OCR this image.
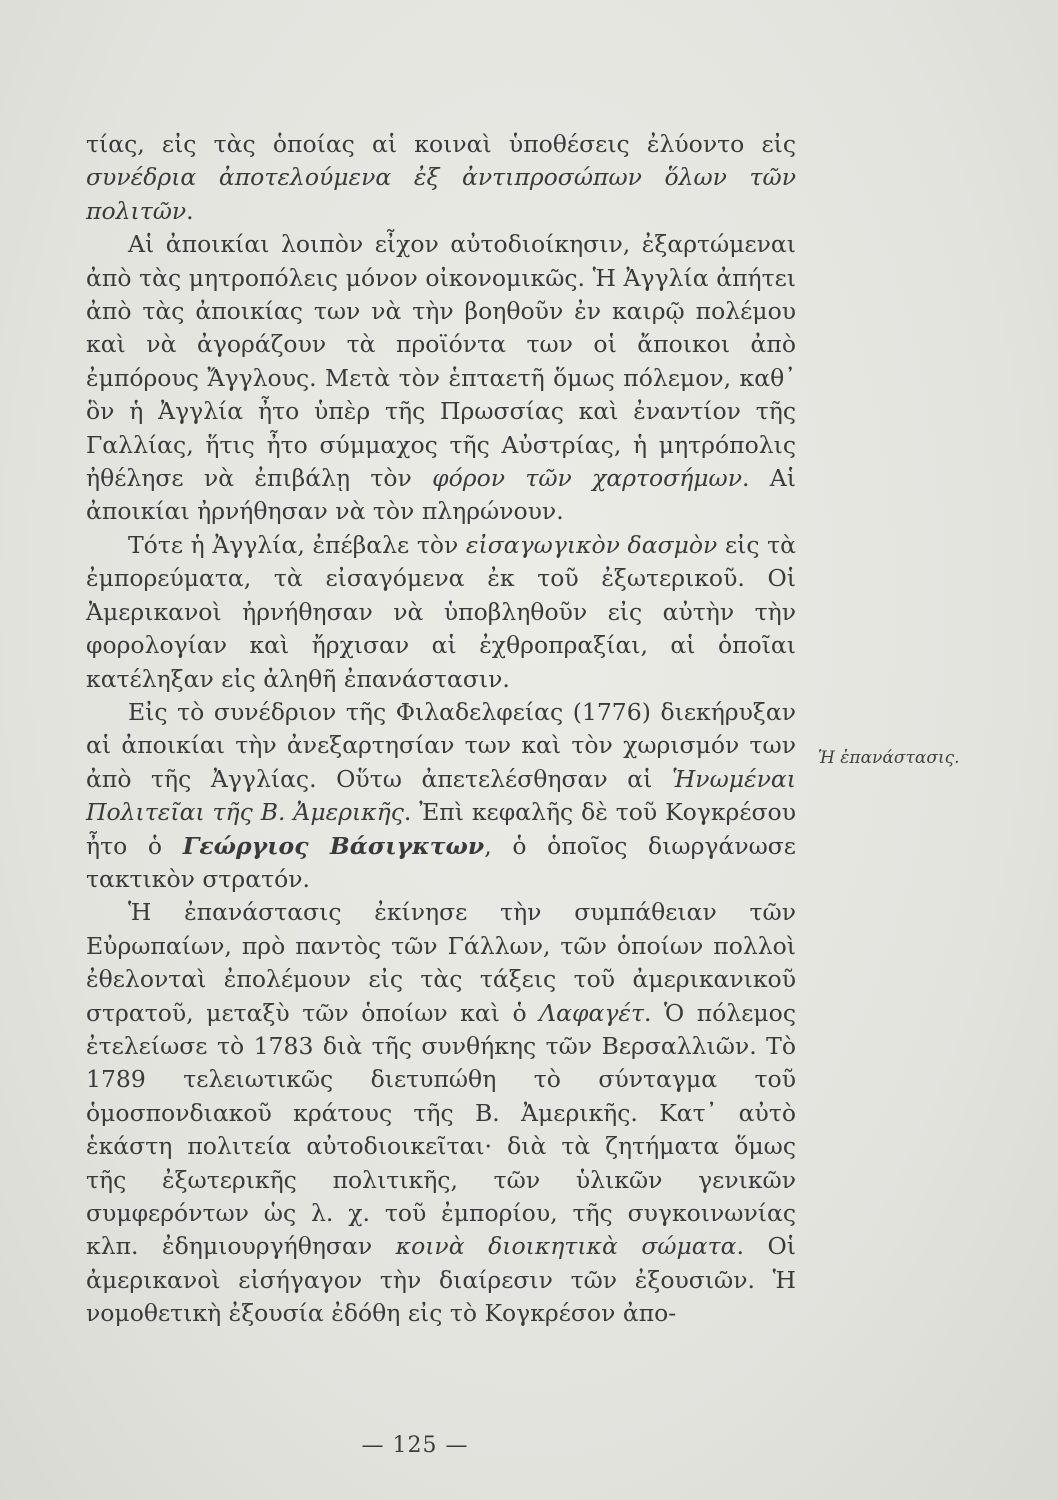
τίας, εἰς τὰς ὁποίας αἱ κοιναὶ ὑποθέσεις ἐλύοντο εἰς συνέδρια ἀποτελούμενα ἐξ ἀντιπροσώπων ὅλων τῶν πολιτῶν.

Αἱ ἀποικίαι λοιπὸν εἶχον αὐτοδιοίκησιν, ἐξαρτώμεναι ἀπὸ τὰς μητροπόλεις μόνον οἰκονομικῶς. Ἡ Ἀγγλία ἀπήτει ἀπὸ τὰς ἀποικίας των νὰ τὴν βοηθοῦν ἐν καιρῷ πολέμου καὶ νὰ ἀγοράζουν τὰ προϊόντα των οἱ ἄποικοι ἀπὸ ἐμπόρους Ἄγγλους. Μετὰ τὸν ἑπταετῆ ὅμως πόλεμον, καθ᾿ ὃν ἡ Ἀγγλία ἦτο ὑπὲρ τῆς Πρωσσίας καὶ ἐναντίον τῆς Γαλλίας, ἥτις ἦτο σύμμαχος τῆς Αὐστρίας, ἡ μητρόπολις ἠθέλησε νὰ ἐπιβάλῃ τὸν φόρον τῶν χαρτοσήμων. Αἱ ἀποικίαι ἠρνήθησαν νὰ τὸν πληρώνουν.

Τότε ἡ Ἀγγλία, ἐπέβαλε τὸν εἰσαγωγικὸν δασμὸν εἰς τὰ ἐμπορεύματα, τὰ εἰσαγόμενα ἐκ τοῦ ἐξωτερικοῦ. Οἱ Ἀμερικανοὶ ἠρνήθησαν νὰ ὑποβληθοῦν εἰς αὐτὴν τὴν φορολογίαν καὶ ἤρχισαν αἱ ἐχθροπραξίαι, αἱ ὁποῖαι κατέληξαν εἰς ἀληθῆ ἐπανάστασιν.

Εἰς τὸ συνέδριον τῆς Φιλαδελφείας (1776) διεκήρυξαν αἱ ἀποικίαι τὴν ἀνεξαρτησίαν των καὶ τὸν χωρισμόν των ἀπὸ τῆς Ἀγγλίας. Οὕτω ἀπετελέσθησαν αἱ Ἡνωμέναι Πολιτεῖαι τῆς Β. Ἀμερικῆς. Ἐπὶ κεφαλῆς δὲ τοῦ Κογκρέσου ἦτο ὁ Γεώργιος Βάσιγκτων, ὁ ὁποῖος διωργάνωσε τακτικὸν στρατόν.

Ἡ ἐπανάστασις ἐκίνησε τὴν συμπάθειαν τῶν Εὐρωπαίων, πρὸ παντὸς τῶν Γάλλων, τῶν ὁποίων πολλοὶ ἐθελονταὶ ἐπολέμουν εἰς τὰς τάξεις τοῦ ἀμερικανικοῦ στρατοῦ, μεταξὺ τῶν ὁποίων καὶ ὁ Λαφαγέτ. Ὁ πόλεμος ἐτελείωσε τὸ 1783 διὰ τῆς συνθήκης τῶν Βερσαλλιῶν. Τὸ 1789 τελειωτικῶς διετυπώθη τὸ σύνταγμα τοῦ ὁμοσπονδιακοῦ κράτους τῆς Β. Ἀμερικῆς. Κατ᾿ αὐτὸ ἑκάστη πολιτεία αὐτοδιοικεῖται· διὰ τὰ ζητήματα ὅμως τῆς ἐξωτερικῆς πολιτικῆς, τῶν ὑλικῶν γενικῶν συμφερόντων ὡς λ. χ. τοῦ ἐμπορίου, τῆς συγκοινωνίας κλπ. ἐδημιουργήθησαν κοινὰ διοικητικὰ σώματα. Οἱ ἀμερικανοὶ εἰσήγαγον τὴν διαίρεσιν τῶν ἐξουσιῶν. Ἡ νομοθετικὴ ἐξουσία ἐδόθη εἰς τὸ Κογκρέσον ἀπο-

Ἡ ἐπανάστασις.
— 125 —
